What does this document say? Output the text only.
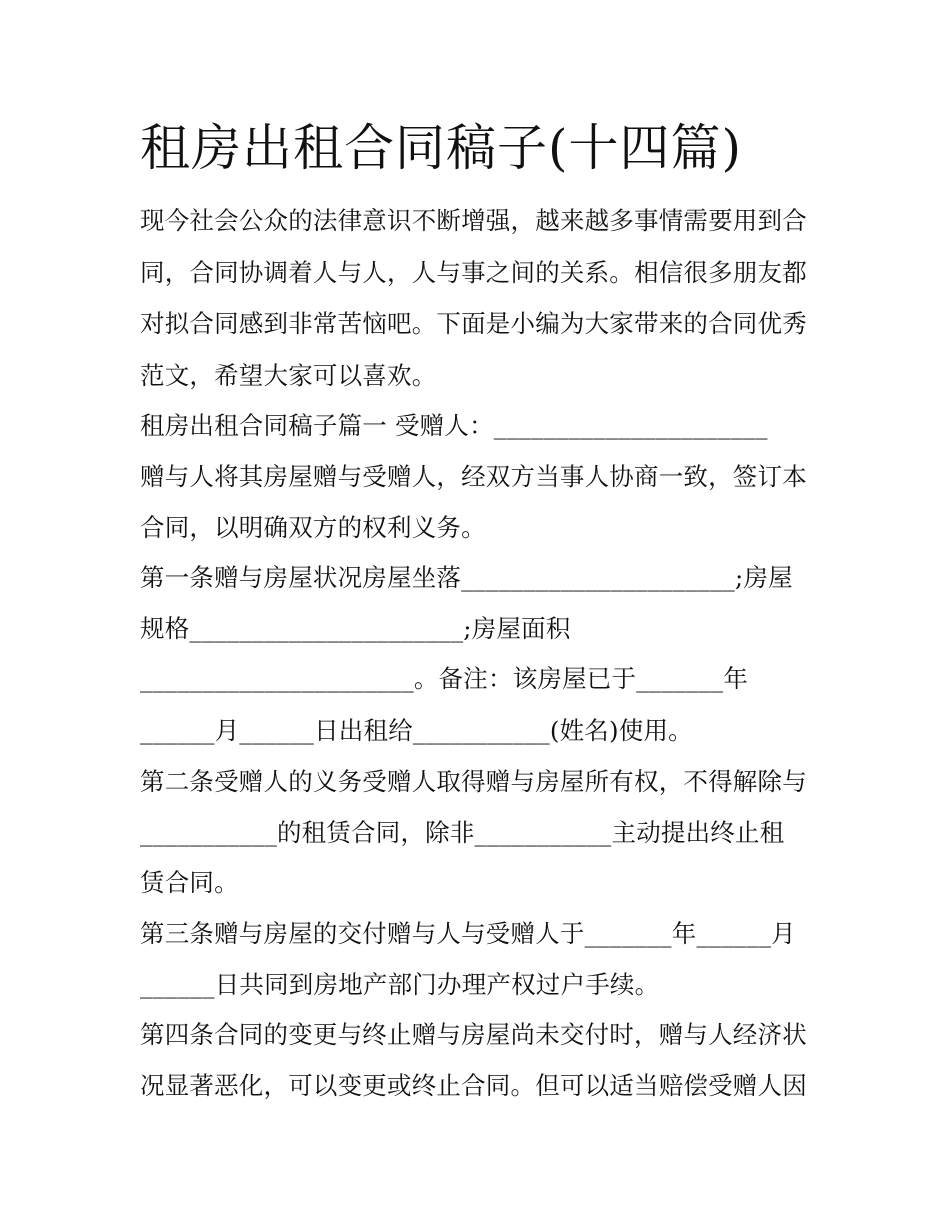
租房出租合同稿子(十四篇)

现今社会公众的法律意识不断增强，越来越多事情需要用到合

同，合同协调着人与人，人与事之间的关系。相信很多朋友都

对拟合同感到非常苦恼吧。下面是小编为大家带来的合同优秀

范文，希望大家可以喜欢。

租房出租合同稿子篇一 受赠人：______________________

赠与人将其房屋赠与受赠人，经双方当事人协商一致，签订本

合同，以明确双方的权利义务。

第一条赠与房屋状况房屋坐落______________________;房屋

规格______________________;房屋面积

______________________。备注：该房屋已于_______年

______月______日出租给___________(姓名)使用。

第二条受赠人的义务受赠人取得赠与房屋所有权，不得解除与

___________的租赁合同，除非___________主动提出终止租

赁合同。

第三条赠与房屋的交付赠与人与受赠人于_______年______月

______日共同到房地产部门办理产权过户手续。

第四条合同的变更与终止赠与房屋尚未交付时，赠与人经济状

况显著恶化，可以变更或终止合同。但可以适当赔偿受赠人因
